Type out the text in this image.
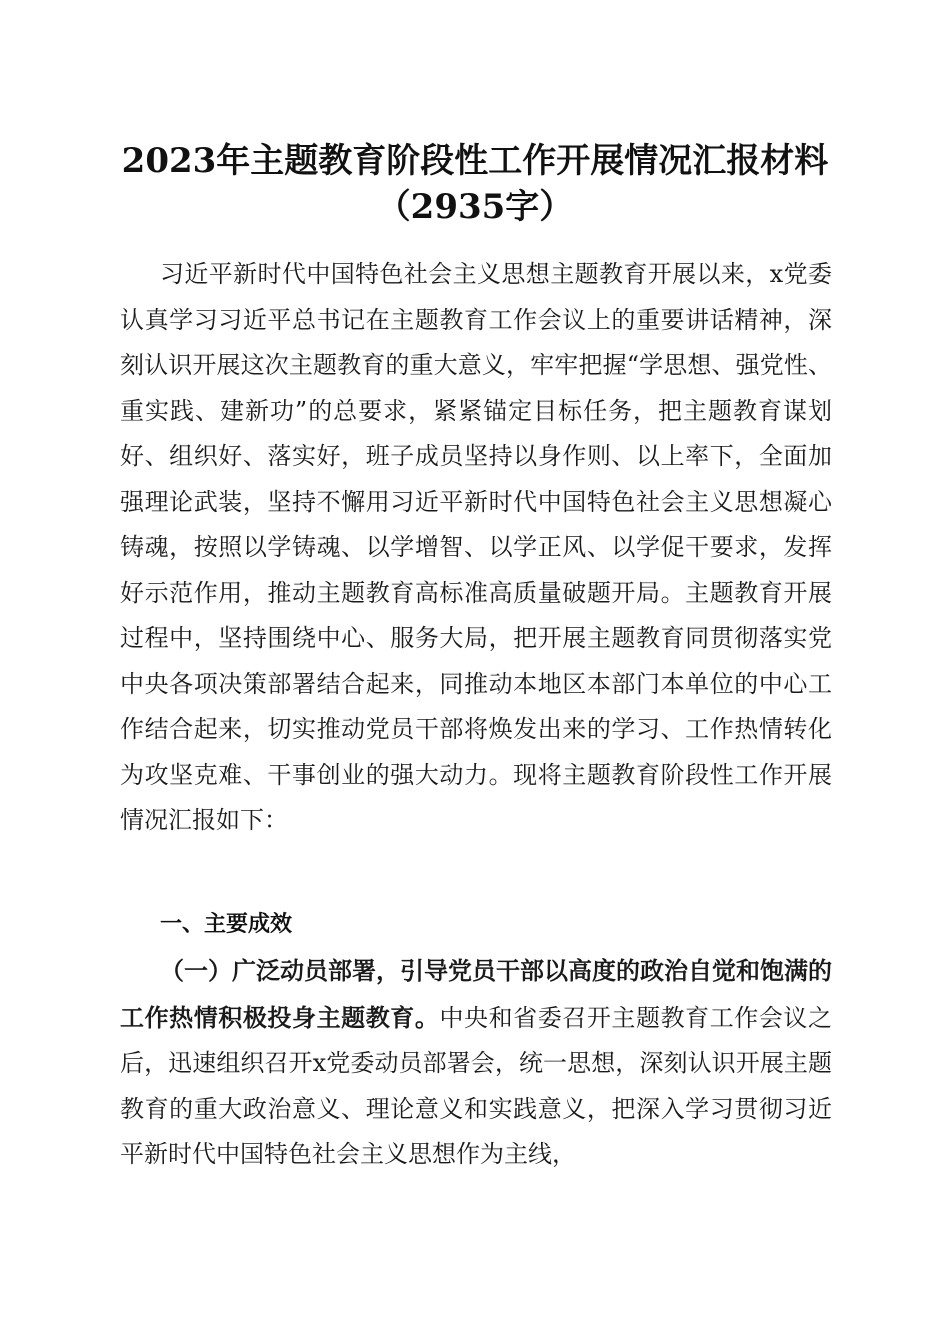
2023年主题教育阶段性工作开展情况汇报材料（2935字）

习近平新时代中国特色社会主义思想主题教育开展以来，x党委认真学习习近平总书记在主题教育工作会议上的重要讲话精神，深刻认识开展这次主题教育的重大意义，牢牢把握“学思想、强党性、重实践、建新功”的总要求，紧紧锚定目标任务，把主题教育谋划好、组织好、落实好，班子成员坚持以身作则、以上率下，全面加强理论武装，坚持不懈用习近平新时代中国特色社会主义思想凝心铸魂，按照以学铸魂、以学增智、以学正风、以学促干要求，发挥好示范作用，推动主题教育高标准高质量破题开局。主题教育开展过程中，坚持围绕中心、服务大局，把开展主题教育同贯彻落实党中央各项决策部署结合起来，同推动本地区本部门本单位的中心工作结合起来，切实推动党员干部将焕发出来的学习、工作热情转化为攻坚克难、干事创业的强大动力。现将主题教育阶段性工作开展情况汇报如下：

一、主要成效

（一）广泛动员部署，引导党员干部以高度的政治自觉和饱满的工作热情积极投身主题教育。中央和省委召开主题教育工作会议之后，迅速组织召开x党委动员部署会，统一思想，深刻认识开展主题教育的重大政治意义、理论意义和实践意义，把深入学习贯彻习近平新时代中国特色社会主义思想作为主线，
